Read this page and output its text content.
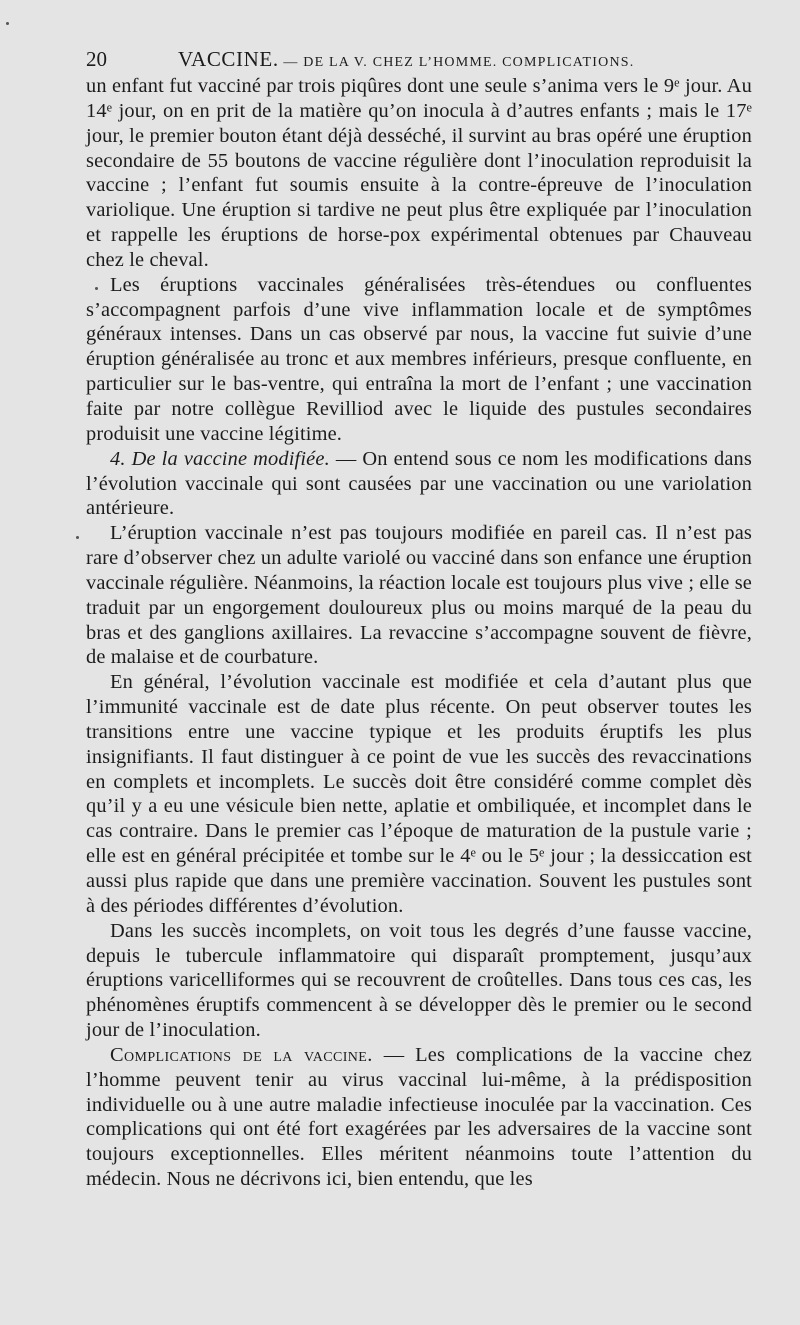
20	VACCINE. — DE LA V. CHEZ L’HOMME. COMPLICATIONS.

un enfant fut vacciné par trois piqûres dont une seule s’anima vers le 9ᵉ jour. Au 14ᵉ jour, on en prit de la matière qu’on inocula à d’autres enfants ; mais le 17ᵉ jour, le premier bouton étant déjà desséché, il survint au bras opéré une éruption secondaire de 55 boutons de vaccine régulière dont l’inoculation reproduisit la vaccine ; l’enfant fut soumis ensuite à la contre-épreuve de l’inoculation variolique. Une éruption si tardive ne peut plus être expliquée par l’inoculation et rappelle les éruptions de horse-pox expérimental obtenues par Chauveau chez le cheval.

Les éruptions vaccinales généralisées très-étendues ou confluentes s’accompagnent parfois d’une vive inflammation locale et de symptômes généraux intenses. Dans un cas observé par nous, la vaccine fut suivie d’une éruption généralisée au tronc et aux membres inférieurs, presque confluente, en particulier sur le bas-ventre, qui entraîna la mort de l’enfant ; une vaccination faite par notre collègue Revilliod avec le liquide des pustules secondaires produisit une vaccine légitime.

4. De la vaccine modifiée. — On entend sous ce nom les modifications dans l’évolution vaccinale qui sont causées par une vaccination ou une variolation antérieure.

L’éruption vaccinale n’est pas toujours modifiée en pareil cas. Il n’est pas rare d’observer chez un adulte variolé ou vacciné dans son enfance une éruption vaccinale régulière. Néanmoins, la réaction locale est toujours plus vive ; elle se traduit par un engorgement douloureux plus ou moins marqué de la peau du bras et des ganglions axillaires. La revaccine s’accompagne souvent de fièvre, de malaise et de courbature.

En général, l’évolution vaccinale est modifiée et cela d’autant plus que l’immunité vaccinale est de date plus récente. On peut observer toutes les transitions entre une vaccine typique et les produits éruptifs les plus insignifiants. Il faut distinguer à ce point de vue les succès des revaccinations en complets et incomplets. Le succès doit être considéré comme complet dès qu’il y a eu une vésicule bien nette, aplatie et ombiliquée, et incomplet dans le cas contraire. Dans le premier cas l’époque de maturation de la pustule varie ; elle est en général précipitée et tombe sur le 4ᵉ ou le 5ᵉ jour ; la dessiccation est aussi plus rapide que dans une première vaccination. Souvent les pustules sont à des périodes différentes d’évolution.

Dans les succès incomplets, on voit tous les degrés d’une fausse vaccine, depuis le tubercule inflammatoire qui disparaît promptement, jusqu’aux éruptions varicelliformes qui se recouvrent de croûtelles. Dans tous ces cas, les phénomènes éruptifs commencent à se développer dès le premier ou le second jour de l’inoculation.

Complications de la vaccine. — Les complications de la vaccine chez l’homme peuvent tenir au virus vaccinal lui-même, à la prédisposition individuelle ou à une autre maladie infectieuse inoculée par la vaccination. Ces complications qui ont été fort exagérées par les adversaires de la vaccine sont toujours exceptionnelles. Elles méritent néanmoins toute l’attention du médecin. Nous ne décrivons ici, bien entendu, que les
